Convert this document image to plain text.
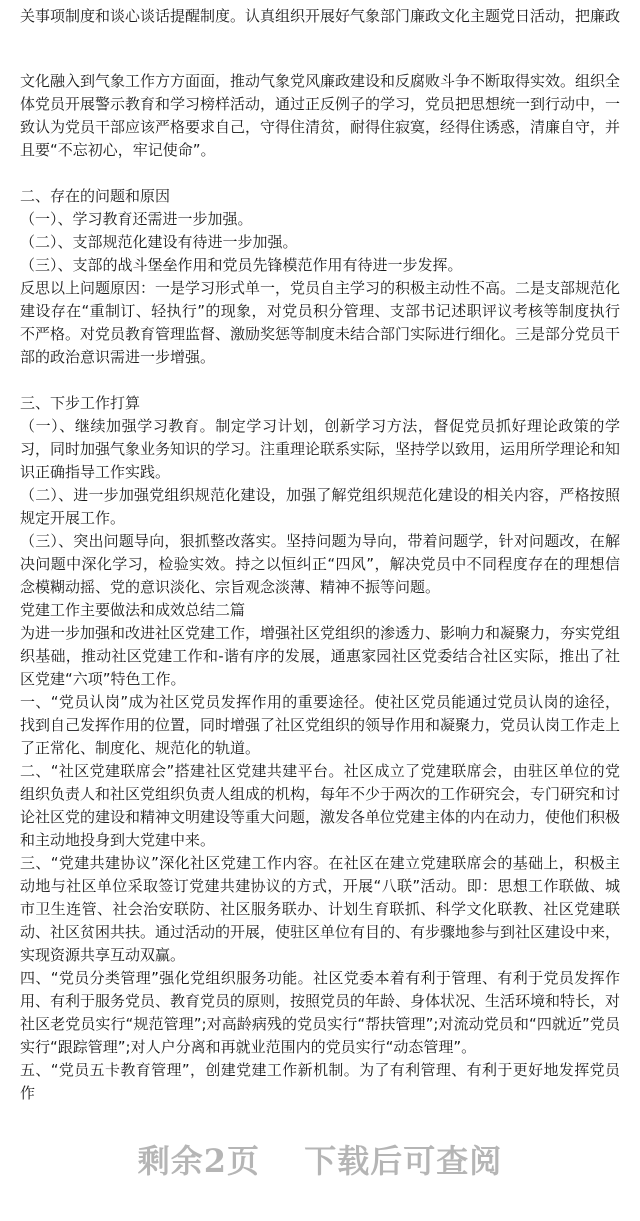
关事项制度和谈心谈话提醒制度。认真组织开展好气象部门廉政文化主题党日活动，把廉政

文化融入到气象工作方方面面，推动气象党风廉政建设和反腐败斗争不断取得实效。组织全体党员开展警示教育和学习榜样活动，通过正反例子的学习，党员把思想统一到行动中，一致认为党员干部应该严格要求自己，守得住清贫，耐得住寂寞，经得住诱惑，清廉自守，并且要“不忘初心，牢记使命”。

二、存在的问题和原因

（一）、学习教育还需进一步加强。

（二）、支部规范化建设有待进一步加强。

（三）、支部的战斗堡垒作用和党员先锋模范作用有待进一步发挥。

反思以上问题原因：一是学习形式单一，党员自主学习的积极主动性不高。二是支部规范化建设存在“重制订、轻执行”的现象，对党员积分管理、支部书记述职评议考核等制度执行不严格。对党员教育管理监督、激励奖惩等制度未结合部门实际进行细化。三是部分党员干部的政治意识需进一步增强。

三、下步工作打算

（一）、继续加强学习教育。制定学习计划，创新学习方法，督促党员抓好理论政策的学习，同时加强气象业务知识的学习。注重理论联系实际，坚持学以致用，运用所学理论和知识正确指导工作实践。

（二）、进一步加强党组织规范化建设，加强了解党组织规范化建设的相关内容，严格按照规定开展工作。

（三）、突出问题导向，狠抓整改落实。坚持问题为导向，带着问题学，针对问题改，在解决问题中深化学习，检验实效。持之以恒纠正“四风”，解决党员中不同程度存在的理想信念模糊动摇、党的意识淡化、宗旨观念淡薄、精神不振等问题。

党建工作主要做法和成效总结二篇

为进一步加强和改进社区党建工作，增强社区党组织的渗透力、影响力和凝聚力，夯实党组织基础，推动社区党建工作和-谐有序的发展，通惠家园社区党委结合社区实际，推出了社区党建“六项”特色工作。

一、“党员认岗”成为社区党员发挥作用的重要途径。使社区党员能通过党员认岗的途径，找到自己发挥作用的位置，同时增强了社区党组织的领导作用和凝聚力，党员认岗工作走上了正常化、制度化、规范化的轨道。

二、“社区党建联席会”搭建社区党建共建平台。社区成立了党建联席会，由驻区单位的党组织负责人和社区党组织负责人组成的机构，每年不少于两次的工作研究会，专门研究和讨论社区党的建设和精神文明建设等重大问题，激发各单位党建主体的内在动力，使他们积极和主动地投身到大党建中来。

三、“党建共建协议”深化社区党建工作内容。在社区在建立党建联席会的基础上，积极主动地与社区单位采取签订党建共建协议的方式，开展“八联”活动。即：思想工作联做、城市卫生连管、社会治安联防、社区服务联办、计划生育联抓、科学文化联教、社区党建联动、社区贫困共扶。通过活动的开展，使驻区单位有目的、有步骤地参与到社区建设中来，实现资源共享互动双赢。

四、“党员分类管理”强化党组织服务功能。社区党委本着有利于管理、有利于党员发挥作用、有利于服务党员、教育党员的原则，按照党员的年龄、身体状况、生活环境和特长，对社区老党员实行“规范管理”;对高龄病残的党员实行“帮扶管理”;对流动党员和“四就近”党员实行“跟踪管理”;对人户分离和再就业范围内的党员实行“动态管理”。

五、“党员五卡教育管理”，创建党建工作新机制。为了有利管理、有利于更好地发挥党员作

剩余2页 下载后可查阅
